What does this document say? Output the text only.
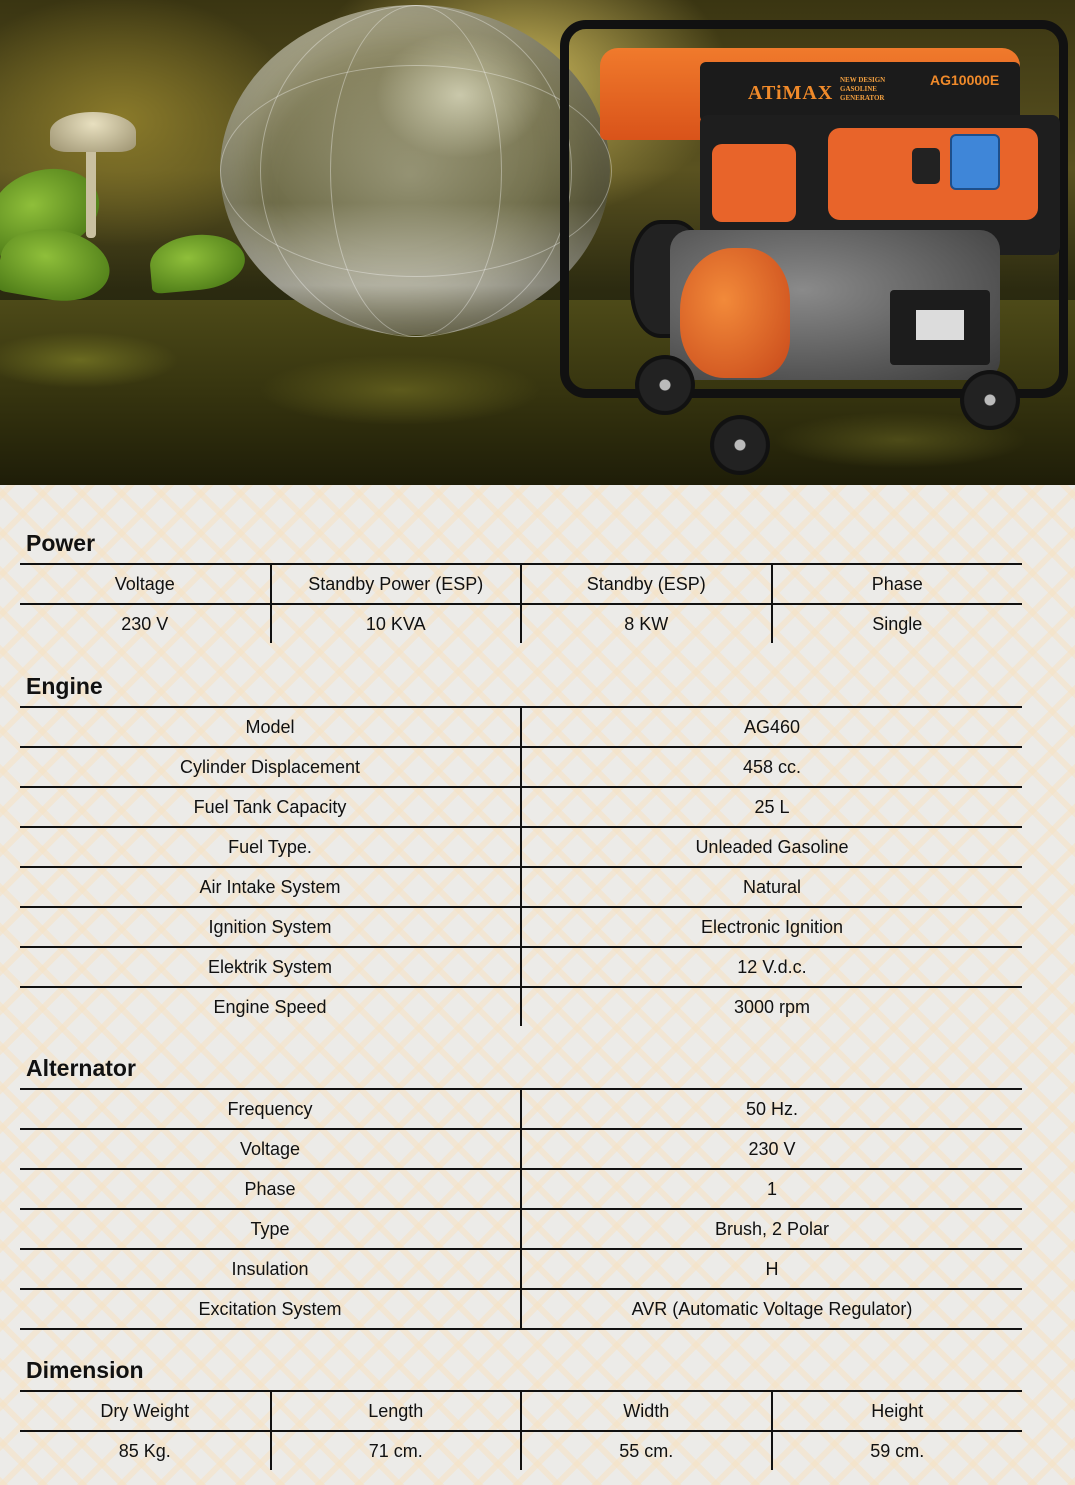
ATiMAX
NEW DESIGN GASOLINE GENERATOR
AG10000E
Power
Voltage	Standby Power (ESP)	Standby (ESP)	Phase
230 V	10 KVA	8 KW	Single
Engine
Model	AG460
Cylinder Displacement	458 cc.
Fuel Tank Capacity	25 L
Fuel Type.	Unleaded Gasoline
Air Intake System	Natural
Ignition System	Electronic Ignition
Elektrik System	12 V.d.c.
Engine Speed	3000 rpm
Alternator
Frequency	50 Hz.
Voltage	230 V
Phase	1
Type	Brush, 2 Polar
Insulation	H
Excitation System	AVR (Automatic Voltage Regulator)
Dimension
Dry Weight	Length	Width	Height
85 Kg.	71 cm.	55 cm.	59 cm.
